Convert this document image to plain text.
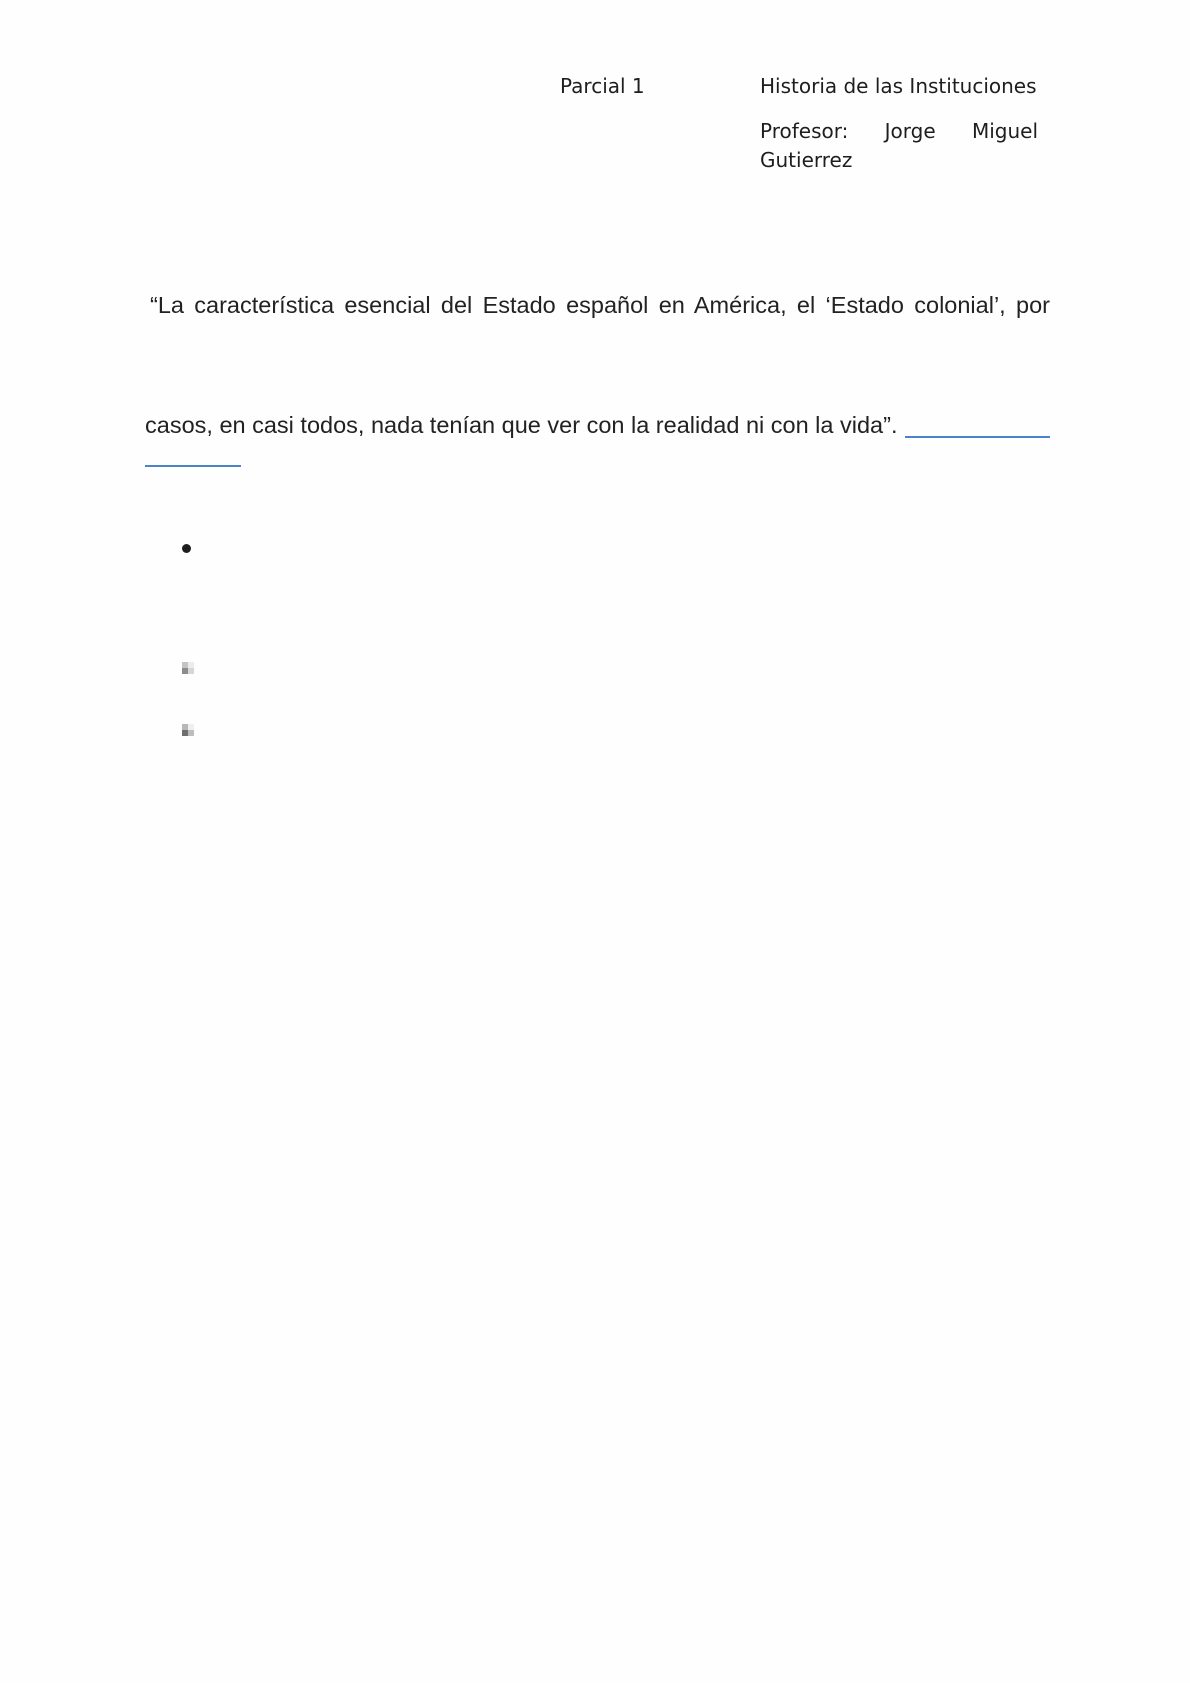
Parcial 1	Historia de las Instituciones
Profesor: Jorge Miguel
Gutierrez
“La característica esencial del Estado español en América, el ‘Estado colonial’, por
casos, en casi todos, nada tenían que ver con la realidad ni con la vida”.
